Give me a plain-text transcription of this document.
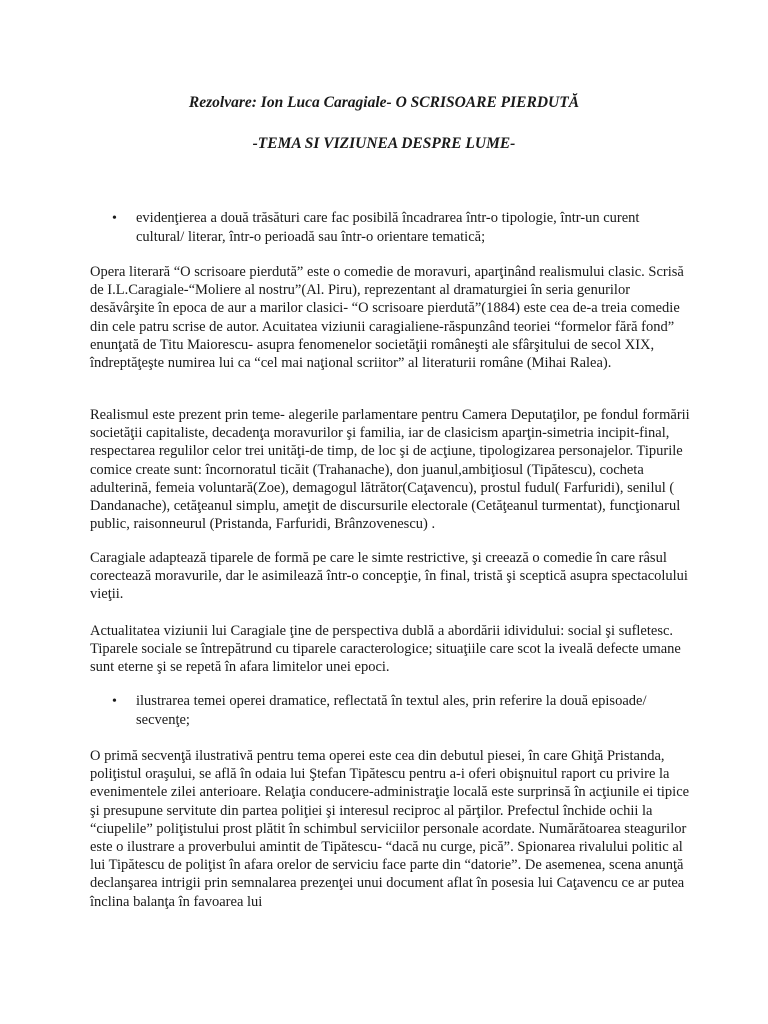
Rezolvare: Ion Luca Caragiale- O SCRISOARE PIERDUTĂ
-TEMA SI VIZIUNEA DESPRE LUME-
• evidenţierea a două trăsături care fac posibilă încadrarea într-o tipologie, într-un curent cultural/ literar, într-o perioadă sau într-o orientare tematică;

Opera literară “O scrisoare pierdută” este o comedie de moravuri, aparţinând realismului clasic. Scrisă de I.L.Caragiale-“Moliere al nostru”(Al. Piru), reprezentant al dramaturgiei în seria genurilor desăvârşite în epoca de aur a marilor clasici- “O scrisoare pierdută”(1884) este cea de-a treia comedie din cele patru scrise de autor. Acuitatea viziunii caragialiene-răspunzând teoriei “formelor fără fond” enunţată de Titu Maiorescu- asupra fenomenelor societăţii româneşti ale sfârşitului de secol XIX, îndreptăţeşte numirea lui ca “cel mai naţional scriitor” al literaturii române (Mihai Ralea).

Realismul este prezent prin teme- alegerile parlamentare pentru Camera Deputaţilor, pe fondul formării societăţii capitaliste, decadenţa moravurilor şi familia, iar de clasicism aparţin-simetria incipit-final, respectarea regulilor celor trei unităţi-de timp, de loc şi de acţiune, tipologizarea personajelor. Tipurile comice create sunt: încornoratul ticăit (Trahanache), don juanul,ambiţiosul (Tipătescu), cocheta adulterină, femeia voluntară(Zoe), demagogul lătrător(Caţavencu), prostul fudul( Farfuridi), senilul ( Dandanache), cetăţeanul simplu, ameţit de discursurile electorale (Cetăţeanul turmentat), funcţionarul public, raisonneurul (Pristanda, Farfuridi, Brânzovenescu) .

Caragiale adaptează tiparele de formă pe care le simte restrictive, şi creează o comedie în care râsul corectează moravurile, dar le asimilează într-o concepţie, în final, tristă şi sceptică asupra spectacolului vieţii.

Actualitatea viziunii lui Caragiale ţine de perspectiva dublă a abordării idividului: social şi sufletesc. Tiparele sociale se întrepătrund cu tiparele caracterologice; situaţiile care scot la iveală defecte umane sunt eterne şi se repetă în afara limitelor unei epoci.

• ilustrarea temei operei dramatice, reflectată în textul ales, prin referire la două episoade/ secvenţe;

O primă secvenţă ilustrativă pentru tema operei este cea din debutul piesei, în care Ghiţă Pristanda, poliţistul oraşului, se află în odaia lui Ştefan Tipătescu pentru a-i oferi obişnuitul raport cu privire la evenimentele zilei anterioare. Relaţia conducere-administraţie locală este surprinsă în acţiunile ei tipice şi presupune servitute din partea poliţiei şi interesul reciproc al părţilor. Prefectul închide ochii la “ciupelile” poliţistului prost plătit în schimbul serviciilor personale acordate. Numărătoarea steagurilor este o ilustrare a proverbului amintit de Tipătescu- “dacă nu curge, pică”. Spionarea rivalului politic al lui Tipătescu de poliţist în afara orelor de serviciu face parte din “datorie”. De asemenea, scena anunţă declanşarea intrigii prin semnalarea prezenţei unui document aflat în posesia lui Caţavencu ce ar putea înclina balanţa în favoarea lui
